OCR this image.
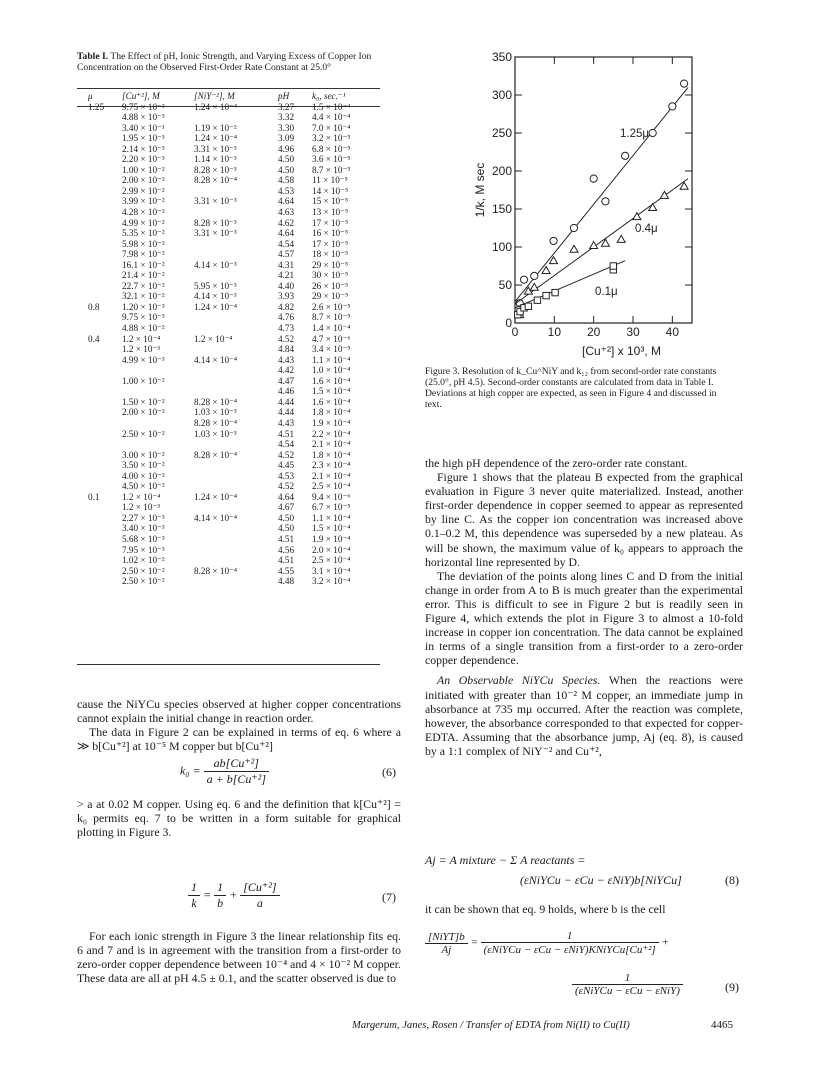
Table I. The Effect of pH, Ionic Strength, and Varying Excess of Copper Ion Concentration on the Observed First-Order Rate Constant at 25.0°
μ	[Cu⁺²], M	[NiY⁻²], M	pH	k₀, sec.⁻¹
1.25	9.75 × 10⁻³	1.24 × 10⁻⁴	3.27	1.5 × 10⁻⁴
	4.88 × 10⁻³		3.32	4.4 × 10⁻⁴
	3.40 × 10⁻¹	1.19 × 10⁻²	3.30	7.0 × 10⁻⁴
	1.95 × 10⁻³	1.24 × 10⁻⁴	3.09	3.2 × 10⁻⁵
	2.14 × 10⁻³	3.31 × 10⁻³	4.96	6.8 × 10⁻⁵
	2.20 × 10⁻³	1.14 × 10⁻³	4.50	3.6 × 10⁻⁵
	1.00 × 10⁻²	8.28 × 10⁻³	4.50	8.7 × 10⁻⁵
	2.00 × 10⁻²	8.28 × 10⁻⁴	4.58	11 × 10⁻⁵
	2.99 × 10⁻²		4.53	14 × 10⁻⁵
	3.99 × 10⁻²	3.31 × 10⁻³	4.64	15 × 10⁻⁵
	4.28 × 10⁻²		4.63	13 × 10⁻⁵
	4.99 × 10⁻²	8.28 × 10⁻³	4.62	17 × 10⁻⁵
	5.35 × 10⁻²	3.31 × 10⁻³	4.64	16 × 10⁻⁵
	5.98 × 10⁻²		4.54	17 × 10⁻⁵
	7.98 × 10⁻²		4.57	18 × 10⁻⁵
	16.1 × 10⁻²	4.14 × 10⁻³	4.31	29 × 10⁻⁵
	21.4 × 10⁻²		4.21	30 × 10⁻⁵
	22.7 × 10⁻²	5.95 × 10⁻³	4.40	26 × 10⁻⁵
	32.1 × 10⁻²	4.14 × 10⁻³	3.93	29 × 10⁻⁵
0.8	1.20 × 10⁻³	1.24 × 10⁻⁴	4.82	2.6 × 10⁻⁵
	9.75 × 10⁻³		4.76	8.7 × 10⁻⁵
	4.88 × 10⁻²		4.73	1.4 × 10⁻⁴
0.4	1.2 × 10⁻⁴	1.2 × 10⁻⁴	4.52	4.7 × 10⁻⁶
	1.2 × 10⁻³		4.84	3.4 × 10⁻⁵
	4.99 × 10⁻³	4.14 × 10⁻⁴	4.43	1.1 × 10⁻⁴
			4.42	1.0 × 10⁻⁴
	1.00 × 10⁻²		4.47	1.6 × 10⁻⁴
			4.46	1.5 × 10⁻⁴
	1.50 × 10⁻²	8.28 × 10⁻⁴	4.44	1.6 × 10⁻⁴
	2.00 × 10⁻²	1.03 × 10⁻³	4.44	1.8 × 10⁻⁴
		8.28 × 10⁻⁴	4.43	1.9 × 10⁻⁴
	2.50 × 10⁻²	1.03 × 10⁻³	4.51	2.2 × 10⁻⁴
			4.54	2.1 × 10⁻⁴
	3.00 × 10⁻²	8.28 × 10⁻⁴	4.52	1.8 × 10⁻⁴
	3.50 × 10⁻²		4.45	2.3 × 10⁻⁴
	4.00 × 10⁻²		4.53	2.1 × 10⁻⁴
	4.50 × 10⁻²		4.52	2.5 × 10⁻⁴
0.1	1.2 × 10⁻⁴	1.24 × 10⁻⁴	4.64	9.4 × 10⁻⁶
	1.2 × 10⁻³		4.67	6.7 × 10⁻⁵
	2.27 × 10⁻³	4.14 × 10⁻⁴	4.50	1.1 × 10⁻⁴
	3.40 × 10⁻³		4.50	1.5 × 10⁻⁴
	5.68 × 10⁻³		4.51	1.9 × 10⁻⁴
	7.95 × 10⁻³		4.56	2.0 × 10⁻⁴
	1.02 × 10⁻²		4.51	2.5 × 10⁻⁴
	2.50 × 10⁻²	8.28 × 10⁻⁴	4.55	3.1 × 10⁻⁴
	2.50 × 10⁻²		4.48	3.2 × 10⁻⁴
0
50
100
150
200
250
300
350
0 10 20 30 40
1/k, M sec
[Cu⁺²] x 10³, M
1.25μ
0.4μ
0.1μ
Figure 3. Resolution of k_Cu^NiY and k₁₂ from second-order rate constants (25.0°, pH 4.5). Second-order constants are calculated from data in Table I. Deviations at high copper are expected, as seen in Figure 4 and discussed in text.

cause the NiYCu species observed at higher copper concentrations cannot explain the initial change in reaction order.

The data in Figure 2 can be explained in terms of eq. 6 where a ≫ b[Cu⁺²] at 10⁻⁵ M copper but b[Cu⁺²]

$k_0 = \frac{\text{ab[Cu⁺²]}}{\text{a + b[Cu⁺²]}}$	(6)
> a at 0.02 M copper. Using eq. 6 and the definition that k[Cu⁺²] = k₀ permits eq. 7 to be written in a form suitable for graphical plotting in Figure 3.
$\frac{1}{k} = \frac{1}{b} + \frac{\text{[Cu⁺²]}}{a}$	(7)
For each ionic strength in Figure 3 the linear relationship fits eq. 6 and 7 and is in agreement with the transition from a first-order to zero-order copper dependence between 10⁻⁴ and 4 × 10⁻² M copper. These data are all at pH 4.5 ± 0.1, and the scatter observed is due to

the high pH dependence of the zero-order rate constant.

Figure 1 shows that the plateau B expected from the graphical evaluation in Figure 3 never quite materialized. Instead, another first-order dependence in copper seemed to appear as represented by line C. As the copper ion concentration was increased above 0.1–0.2 M, this dependence was superseded by a new plateau. As will be shown, the maximum value of k₀ appears to approach the horizontal line represented by D.

The deviation of the points along lines C and D from the initial change in order from A to B is much greater than the experimental error. This is difficult to see in Figure 2 but is readily seen in Figure 4, which extends the plot in Figure 3 to almost a 10-fold increase in copper ion concentration. The data cannot be explained in terms of a single transition from a first-order to a zero-order copper dependence.

An Observable NiYCu Species. When the reactions were initiated with greater than 10⁻² M copper, an immediate jump in absorbance at 735 mμ occurred. After the reaction was complete, however, the absorbance corresponded to that expected for copper-EDTA. Assuming that the absorbance jump, Aj (eq. 8), is caused by a 1:1 complex of NiY⁻² and Cu⁺²,

Aj = A mixture − Σ A reactants =
(εNiYCu − εCu − εNiY)b[NiYCu]	(8)
it can be shown that eq. 9 holds, where b is the cell
$\frac{\text{[NiYT]b}}{Aj} = \frac{1}{\text{(εNiYCu − εCu − εNiY)KNiYCu[Cu⁺²]}}$ +
$\frac{1}{\text{(εNiYCu − εCu − εNiY)}}$	(9)
Margerum, Janes, Rosen / Transfer of EDTA from Ni(II) to Cu(II)	4465
